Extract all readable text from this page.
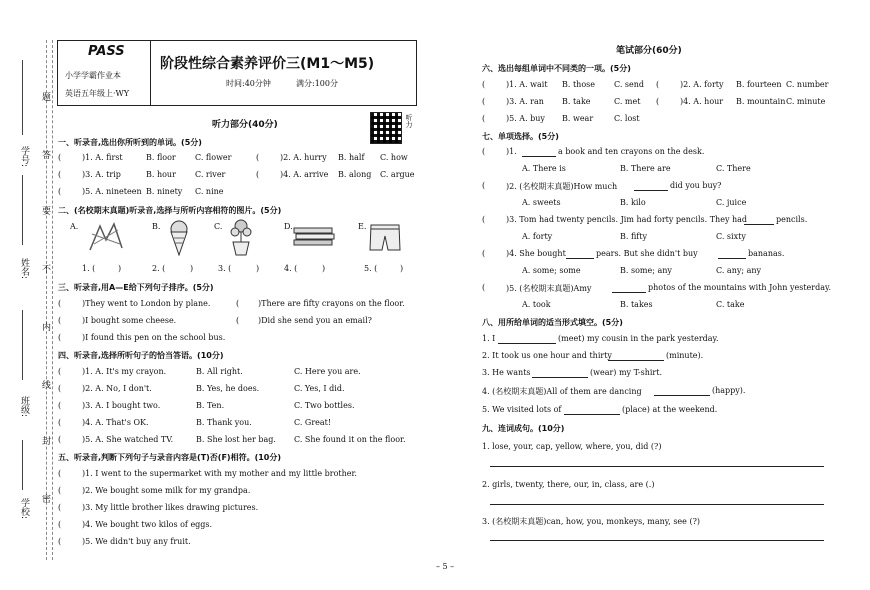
学校:
班级:
姓名:
学号:
题
答
要
不
内
线
封
密
PASS
小学学霸作业本
英语五年级上·WY
阶段性综合素养评价三(M1～M5)
时间:40分钟	满分:100分
听力
听力部分(40分)
一、听录音,选出你所听到的单词。(5分)
(	)1. A. first	B. floor C. flower	(	)2. A. hurry B. half C. how
(	)3. A. trip	B. hour C. river	(	)4. A. arrive B. along C. argue
(	)5. A. nineteen B. ninety C. nine
二、(名校期末真题)听录音,选择与所听内容相符的图片。(5分)
A.	B.	C.	D.	E.
1. (	)	2. (	)	3. (	)	4. (	)	5. (	)
三、听录音,用A—E给下列句子排序。(5分)
(	)They went to London by plane.	( )There are fifty crayons on the floor.
(	)I bought some cheese.	( )Did she send you an email?
(	)I found this pen on the school bus.
四、听录音,选择所听句子的恰当答语。(10分)
(	)1. A. It's my crayon.	B. All right.	C. Here you are.
(	)2. A. No, I don't.	B. Yes, he does.	C. Yes, I did.
(	)3. A. I bought two.	B. Ten.	C. Two bottles.
(	)4. A. That's OK.	B. Thank you.	C. Great!
(	)5. A. She watched TV.	B. She lost her bag. C. She found it on the floor.
五、听录音,判断下列句子与录音内容是(T)否(F)相符。(10分)
(	)1. I went to the supermarket with my mother and my little brother.
(	)2. We bought some milk for my grandpa.
(	)3. My little brother likes drawing pictures.
(	)4. We bought two kilos of eggs.
(	)5. We didn't buy any fruit.
笔试部分(60分)
六、选出每组单词中不同类的一项。(5分)
(	)1. A. wait B. those C. send (	)2. A. forty B. fourteen C. number
(	)3. A. ran B. take	C. met (	)4. A. hour B. mountain C. minute
(	)5. A. buy B. wear	C. lost
七、单项选择。(5分)
(	)1.	a book and ten crayons on the desk.
A. There is	B. There are	C. There
(	)2. (名校期末真题)How much	did you buy?
A. sweets	B. kilo	C. juice
(	)3. Tom had twenty pencils. Jim had forty pencils. They had	pencils.
A. forty	B. fifty	C. sixty
(	)4. She bought	pears. But she didn't buy	bananas.
A. some; some	B. some; any	C. any; any
(	)5. (名校期末真题)Amy	photos of the mountains with John yesterday.
A. took	B. takes	C. take
八、用所给单词的适当形式填空。(5分)
1. I	(meet) my cousin in the park yesterday.
2. It took us one hour and thirty	(minute).
3. He wants	(wear) my T-shirt.
4. (名校期末真题)All of them are dancing	(happy).
5. We visited lots of	(place) at the weekend.
九、连词成句。(10分)
1. lose, your, cap, yellow, where, you, did (?)
2. girls, twenty, there, our, in, class, are (.)
3. (名校期末真题)can, how, you, monkeys, many, see (?)
– 5 –
